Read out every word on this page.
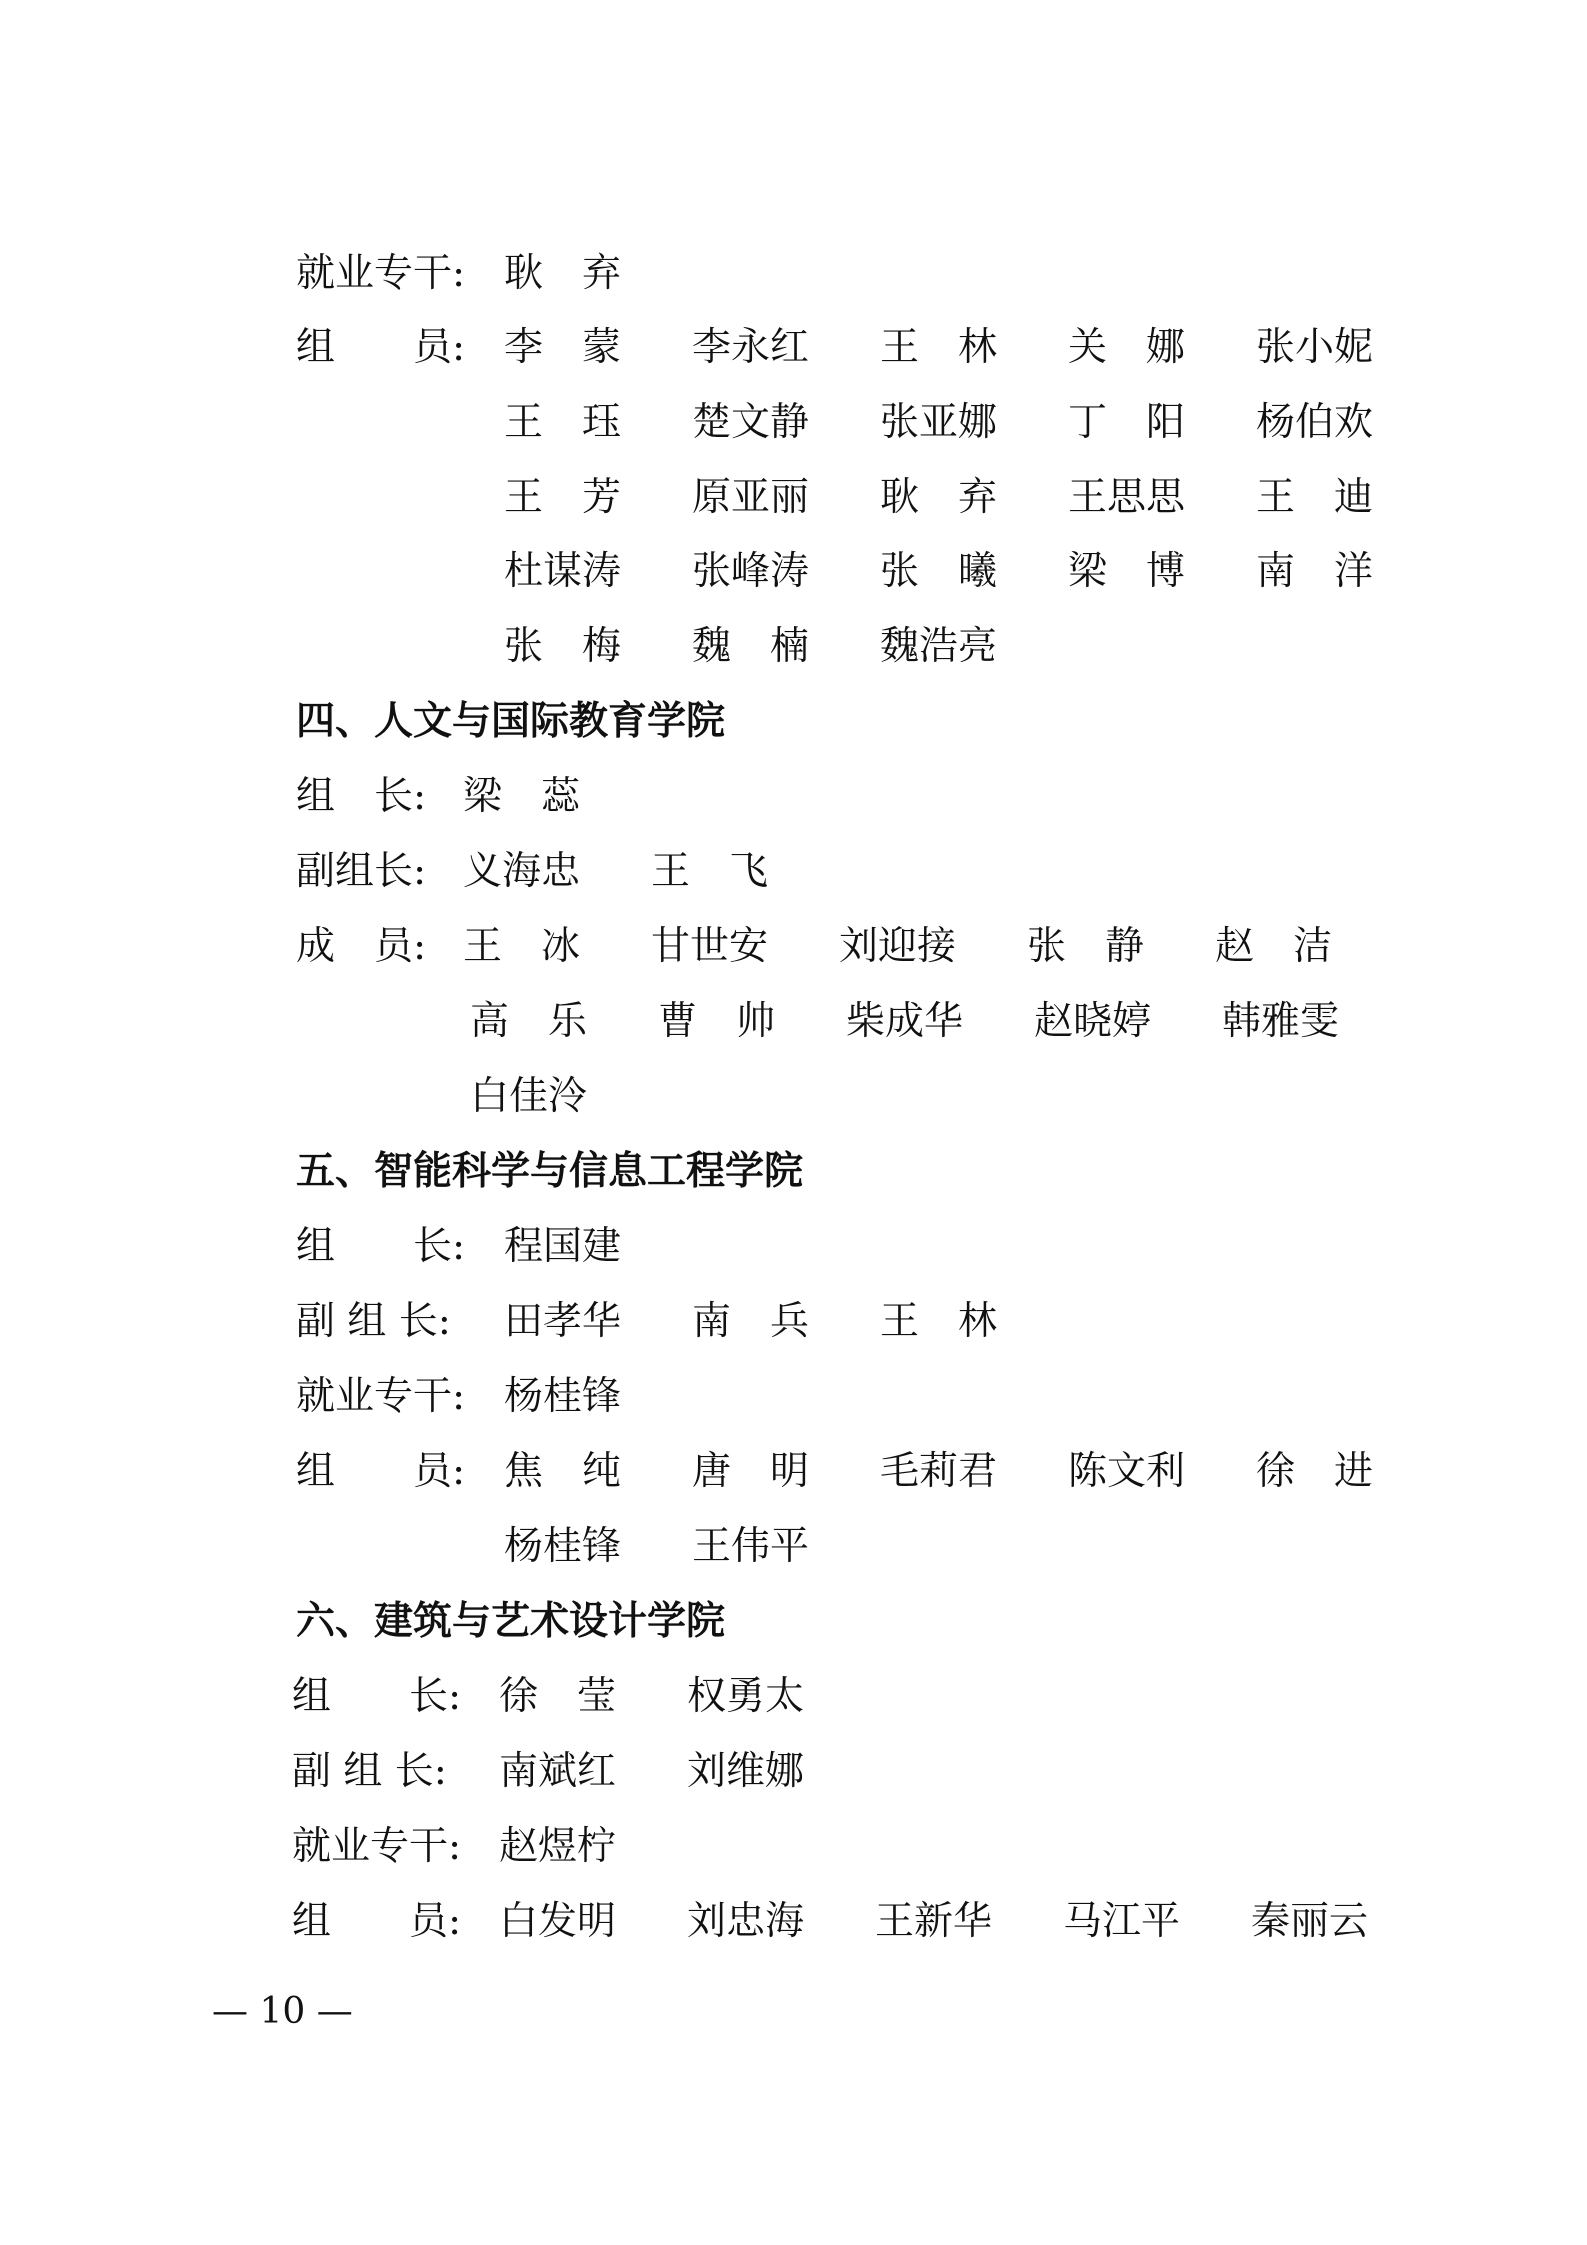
就业专干: 耿　弃
组　　员: 李　蒙 李永红 王　林 关　娜 张小妮
王　珏 楚文静 张亚娜 丁　阳 杨伯欢
王　芳 原亚丽 耿　弃 王思思 王　迪
杜谋涛 张峰涛 张　曦 梁　博 南　洋
张　梅 魏　楠 魏浩亮
四、人文与国际教育学院
组　长: 梁　蕊
副组长: 义海忠 王　飞
成　员: 王　冰 甘世安 刘迎接 张　静 赵　洁
高　乐 曹　帅 柴成华 赵晓婷 韩雅雯
白佳泠
五、智能科学与信息工程学院
组　　长: 程国建
副 组 长: 田孝华 南　兵 王　林
就业专干: 杨桂锋
组　　员: 焦　纯 唐　明 毛莉君 陈文利 徐　进
杨桂锋 王伟平
六、建筑与艺术设计学院
组　　长: 徐　莹 权勇太
副 组 长: 南斌红 刘维娜
就业专干: 赵煜柠
组　　员: 白发明 刘忠海 王新华 马江平 秦丽云
— 10 —
